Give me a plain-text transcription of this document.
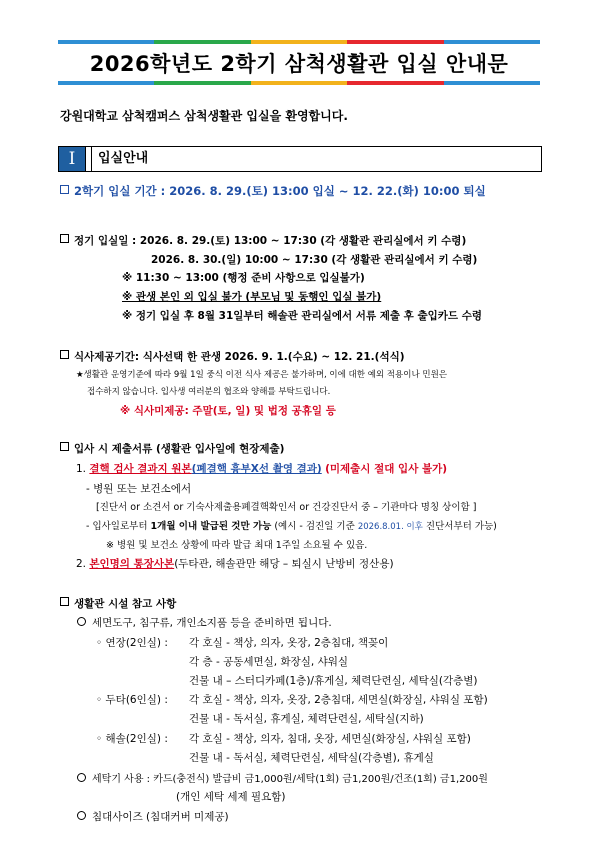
2026학년도 2학기 삼척생활관 입실 안내문
강원대학교 삼척캠퍼스 삼척생활관 입실을 환영합니다.
Ⅰ	입실안내
2학기 입실 기간 : 2026. 8. 29.(토) 13:00 입실 ~ 12. 22.(화) 10:00 퇴실
정기 입실일 : 2026. 8. 29.(토) 13:00 ~ 17:30 (각 생활관 관리실에서 키 수령)
2026. 8. 30.(일) 10:00 ~ 17:30 (각 생활관 관리실에서 키 수령)
※ 11:30 ~ 13:00 (행정 준비 사항으로 입실불가)
※ 관생 본인 외 입실 불가 (부모님 및 동행인 입실 불가)
※ 정기 입실 후 8월 31일부터 해솔관 관리실에서 서류 제출 후 출입카드 수령
식사제공기간: 식사선택 한 관생 2026. 9. 1.(수요) ~ 12. 21.(석식)
★생활관 운영기준에 따라 9월 1일 중식 이전 식사 제공은 불가하며, 이에 대한 예외 적용이나 민원은
접수하지 않습니다. 입사생 여러분의 협조와 양해를 부탁드립니다.
※ 식사미제공: 주말(토, 일) 및 법정 공휴일 등
입사 시 제출서류 (생활관 입사일에 현장제출)
1. 결핵 검사 결과지 원본(폐결핵 흉부X선 촬영 결과) (미제출시 절대 입사 불가)
- 병원 또는 보건소에서
[진단서 or 소견서 or 기숙사제출용폐결핵확인서 or 건강진단서 중 – 기관마다 명칭 상이함 ]
- 입사일로부터 1개월 이내 발급된 것만 가능 (예시 - 검진일 기준 2026.8.01. 이후 진단서부터 가능)
※ 병원 및 보건소 상황에 따라 발급 최대 1주일 소요될 수 있음.
2. 본인명의 통장사본(두타관, 해솔관만 해당 – 퇴실시 난방비 정산용)
생활관 시설 참고 사항
세면도구, 침구류, 개인소지품 등을 준비하면 됩니다.
◦ 연장(2인실) : 각 호실 - 책상, 의자, 옷장, 2층침대, 책꽂이
각 층 - 공동세면실, 화장실, 샤워실
건물 내 – 스터디카페(1층)/휴게실, 체력단련실, 세탁실(각층별)
◦ 두타(6인실) : 각 호실 - 책상, 의자, 옷장, 2층침대, 세면실(화장실, 샤워실 포함)
건물 내 - 독서실, 휴게실, 체력단련실, 세탁실(지하)
◦ 해솔(2인실) : 각 호실 - 책상, 의자, 침대, 옷장, 세면실(화장실, 샤워실 포함)
건물 내 - 독서실, 체력단련실, 세탁실(각층별), 휴게실
세탁기 사용 : 카드(충전식) 발급비 금1,000원/세탁(1회) 금1,200원/건조(1회) 금1,200원
(개인 세탁 세제 필요함)
침대사이즈 (침대커버 미제공)
